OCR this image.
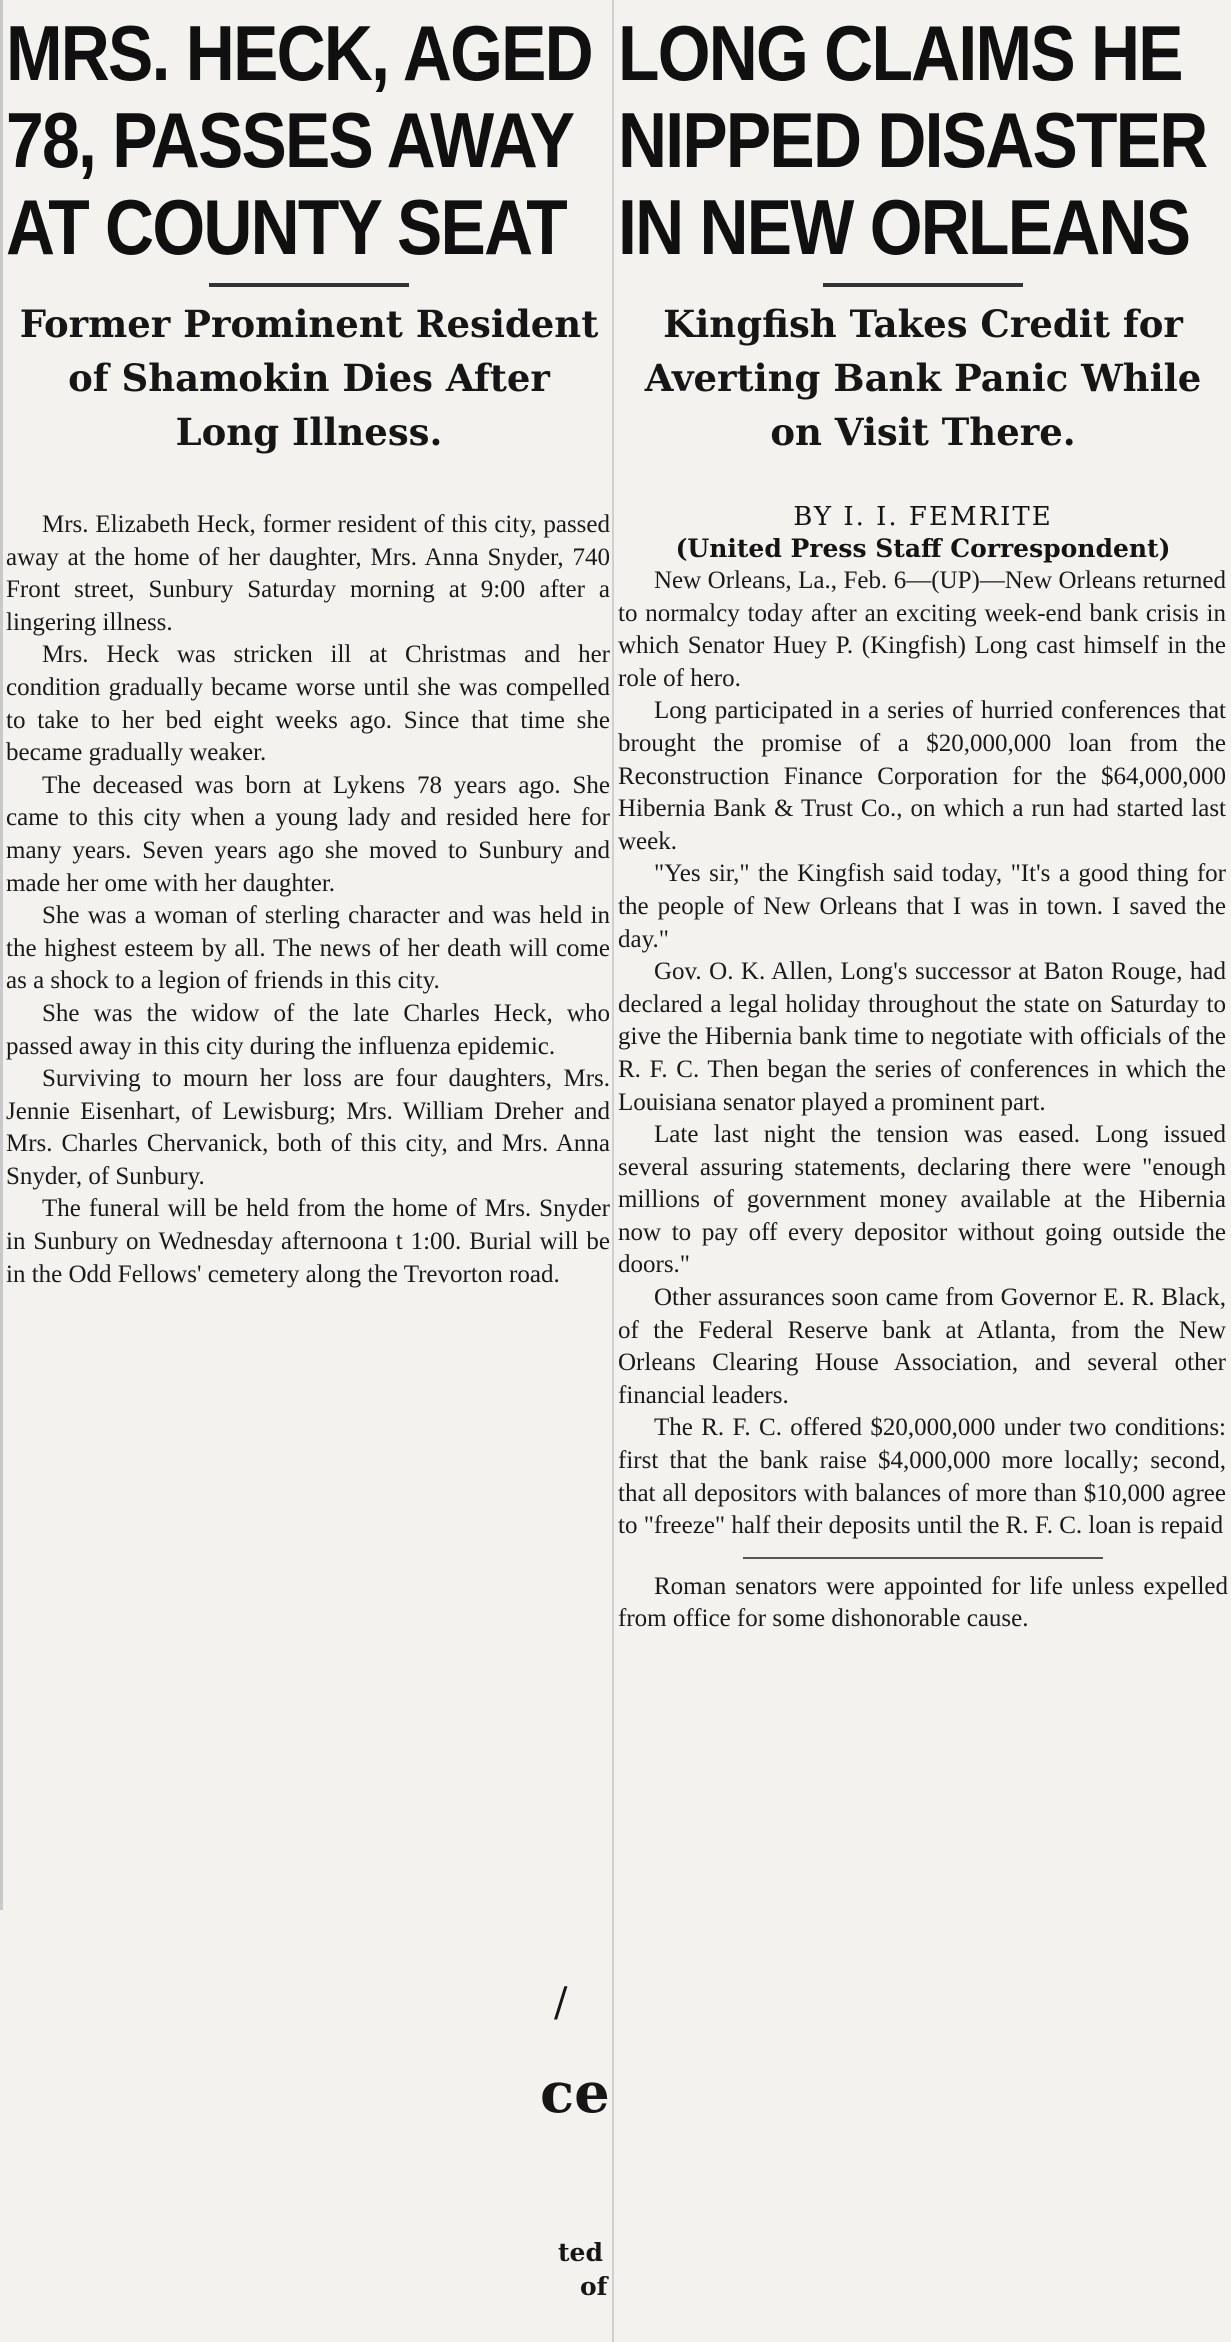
MRS. HECK, AGED
78, PASSES AWAY
AT COUNTY SEAT
Former Prominent Resident
of Shamokin Dies After
Long Illness.

Mrs. Elizabeth Heck, former resident of this city, passed away at the home of her daughter, Mrs. Anna Snyder, 740 Front street, Sunbury Saturday morning at 9:00 after a lingering illness.

Mrs. Heck was stricken ill at Christmas and her condition gradually became worse until she was compelled to take to her bed eight weeks ago. Since that time she became gradually weaker.

The deceased was born at Lykens 78 years ago. She came to this city when a young lady and resided here for many years. Seven years ago she moved to Sunbury and made her ome with her daughter.

She was a woman of sterling character and was held in the highest esteem by all. The news of her death will come as a shock to a legion of friends in this city.

She was the widow of the late Charles Heck, who passed away in this city during the influenza epidemic.

Surviving to mourn her loss are four daughters, Mrs. Jennie Eisenhart, of Lewisburg; Mrs. William Dreher and Mrs. Charles Chervanick, both of this city, and Mrs. Anna Snyder, of Sunbury.

The funeral will be held from the home of Mrs. Snyder in Sunbury on Wednesday afternoona t 1:00. Burial will be in the Odd Fellows' cemetery along the Trevorton road.

LONG CLAIMS HE
NIPPED DISASTER
IN NEW ORLEANS
Kingfish Takes Credit for
Averting Bank Panic While
on Visit There.
BY I. I. FEMRITE
(United Press Staff Correspondent)

New Orleans, La., Feb. 6—(UP)—New Orleans returned to normalcy today after an exciting week-end bank crisis in which Senator Huey P. (Kingfish) Long cast himself in the role of hero.

Long participated in a series of hurried conferences that brought the promise of a $20,000,000 loan from the Reconstruction Finance Corporation for the $64,000,000 Hibernia Bank & Trust Co., on which a run had started last week.

"Yes sir," the Kingfish said today, "It's a good thing for the people of New Orleans that I was in town. I saved the day."

Gov. O. K. Allen, Long's successor at Baton Rouge, had declared a legal holiday throughout the state on Saturday to give the Hibernia bank time to negotiate with officials of the R. F. C. Then began the series of conferences in which the Louisiana senator played a prominent part.

Late last night the tension was eased. Long issued several assuring statements, declaring there were "enough millions of government money available at the Hibernia now to pay off every depositor without going outside the doors."

Other assurances soon came from Governor E. R. Black, of the Federal Reserve bank at Atlanta, from the New Orleans Clearing House Association, and several other financial leaders.

The R. F. C. offered $20,000,000 under two conditions: first that the bank raise $4,000,000 more locally; second, that all depositors with balances of more than $10,000 agree to "freeze" half their deposits until the R. F. C. loan is repaid

Roman senators were appointed for life unless expelled from office for some dishonorable cause.

/
ce
ted
of
